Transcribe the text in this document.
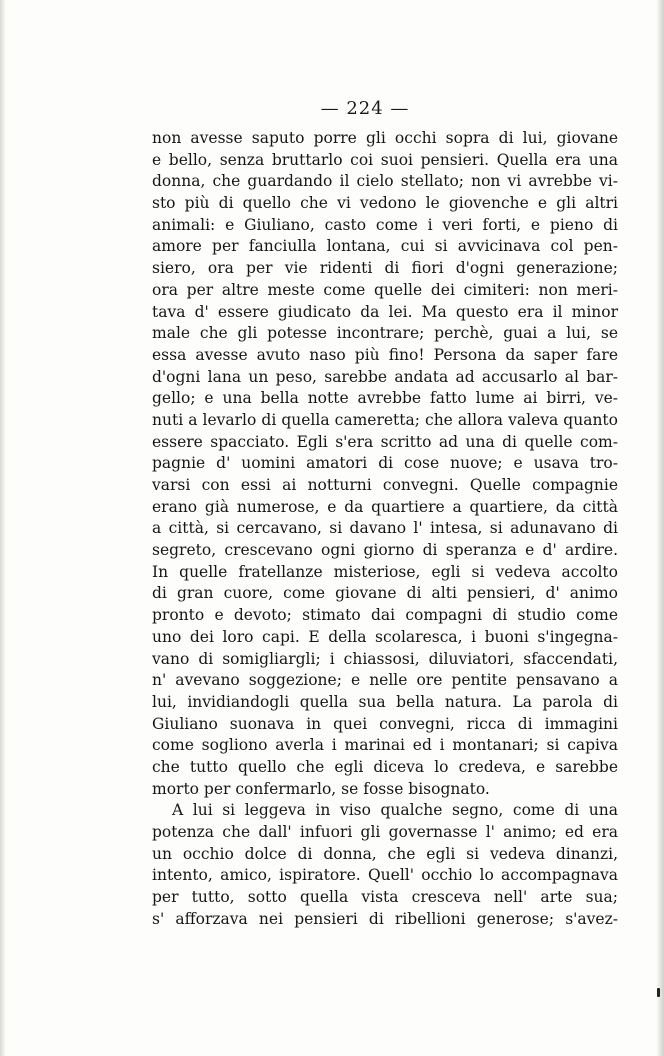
— 224 —
non avesse saputo porre gli occhi sopra di lui, giovane
e bello, senza bruttarlo coi suoi pensieri. Quella era una
donna, che guardando il cielo stellato; non vi avrebbe vi-
sto più di quello che vi vedono le giovenche e gli altri
animali: e Giuliano, casto come i veri forti, e pieno di
amore per fanciulla lontana, cui si avvicinava col pen-
siero, ora per vie ridenti di fiori d'ogni generazione;
ora per altre meste come quelle dei cimiteri: non meri-
tava d' essere giudicato da lei. Ma questo era il minor
male che gli potesse incontrare; perchè, guai a lui, se
essa avesse avuto naso più fino! Persona da saper fare
d'ogni lana un peso, sarebbe andata ad accusarlo al bar-
gello; e una bella notte avrebbe fatto lume ai birri, ve-
nuti a levarlo di quella cameretta; che allora valeva quanto
essere spacciato. Egli s'era scritto ad una di quelle com-
pagnie d' uomini amatori di cose nuove; e usava tro-
varsi con essi ai notturni convegni. Quelle compagnie
erano già numerose, e da quartiere a quartiere, da città
a città, si cercavano, si davano l' intesa, si adunavano di
segreto, crescevano ogni giorno di speranza e d' ardire.
In quelle fratellanze misteriose, egli si vedeva accolto
di gran cuore, come giovane di alti pensieri, d' animo
pronto e devoto; stimato dai compagni di studio come
uno dei loro capi. E della scolaresca, i buoni s'ingegna-
vano di somigliargli; i chiassosi, diluviatori, sfaccendati,
n' avevano soggezione; e nelle ore pentite pensavano a
lui, invidiandogli quella sua bella natura. La parola di
Giuliano suonava in quei convegni, ricca di immagini
come sogliono averla i marinai ed i montanari; si capiva
che tutto quello che egli diceva lo credeva, e sarebbe
morto per confermarlo, se fosse bisognato.
A lui si leggeva in viso qualche segno, come di una
potenza che dall' infuori gli governasse l' animo; ed era
un occhio dolce di donna, che egli si vedeva dinanzi,
intento, amico, ispiratore. Quell' occhio lo accompagnava
per tutto, sotto quella vista cresceva nell' arte sua;
s' afforzava nei pensieri di ribellioni generose; s'avez-
